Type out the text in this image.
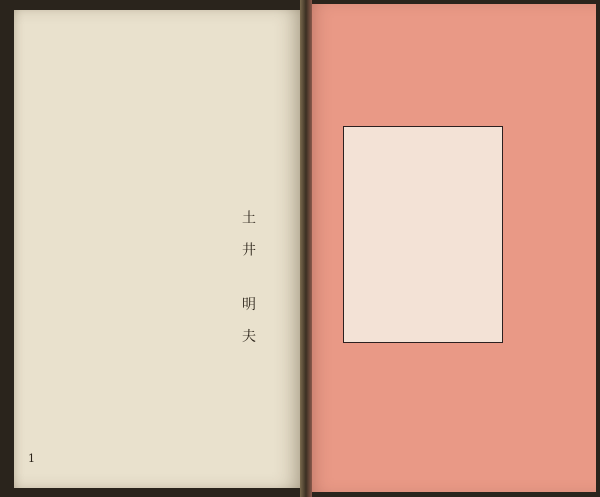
土井 明夫
1
